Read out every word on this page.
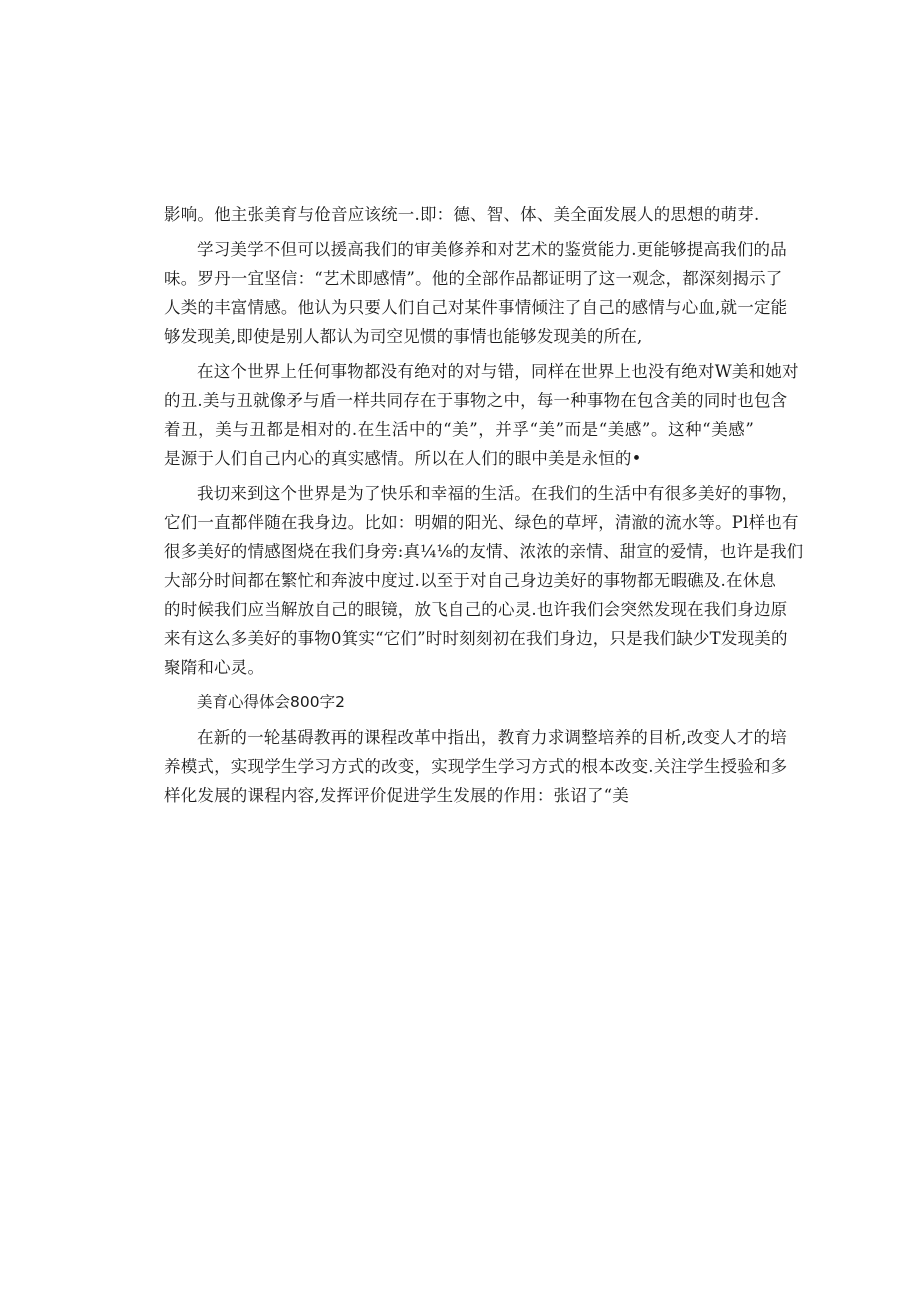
影响。他主张美育与伧音应该统一.即：德、智、体、美全面发展人的思想的萌芽.
学习美学不但可以援高我们的审美修养和对艺术的鉴赏能力.更能够提高我们的品
味。罗丹一宜坚信：“艺术即感情”。他的全部作品都证明了这一观念，都深刻揭示了
人类的丰富情感。他认为只要人们自己对某件事情倾注了自己的感情与心血,就一定能
够发现美,即使是别人都认为司空见惯的事情也能够发现美的所在,
在这个世界上任何事物都没有绝对的对与错，同样在世界上也没有绝对W美和她对
的丑.美与丑就像矛与盾一样共同存在于事物之中，每一种事物在包含美的同时也包含
着丑，美与丑都是相对的.在生活中的“美”，并孚“美”而是“美感”。这种“美感”
是源于人们自己内心的真实感情。所以在人们的眼中美是永恒的•
我切来到这个世界是为了快乐和幸福的生活。在我们的生活中有很多美好的事物，
它们一直都伴随在我身边。比如：明媚的阳光、绿色的草坪，清澈的流水等。Pl样也有
很多美好的情感图烧在我们身旁:真¼⅛的友情、浓浓的亲情、甜宣的爱情，也许是我们
大部分时间都在繁忙和奔波中度过.以至于对自己身边美好的事物都无暇礁及.在休息
的时候我们应当解放自己的眼镜，放飞自己的心灵.也许我们会突然发现在我们身边原
来有这么多美好的事物0箕实“它们”时时刻刻初在我们身边，只是我们缺少T发现美的
聚隋和心灵。
美育心得体会800字2
在新的一轮基碍教再的课程改革中指出，教育力求调整培养的目析,改变人才的培
养模式，实现学生学习方式的改变，实现学生学习方式的根本改变.关注学生授验和多
样化发展的课程内容,发挥评价促进学生发展的作用：张诏了“美
